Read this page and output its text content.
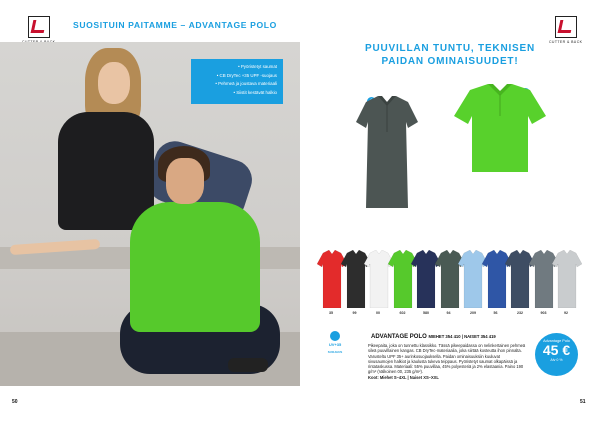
SUOSITUIN PAITAMME – ADVANTAGE POLO
• Pyöristetyt saumat
• CB DryTec +35 UPF -suojaus
• Pehmeä ja joustava materiaali
• Siistit kestävät halkio
50
CUTTER & BUCK
PUUVILLAN TUNTU, TEKNISEN
PAIDAN OMINAISUUDET!
35	99	00	602	580	94	209	56	232	903	92
UV+35
SUOJAUS
ADVANTAGE POLO MIEHET 354 410 | NAISET 354 419
Pikeepaita, joka on tunnettu klassikko. Tässä pikeepaidassa on nelinkertainen pehmeä sileä puuvillainen kangas. CB DryTec-materiaalia, joka siirtää kosteutta ihon pinnalta. Varusteltu UPF 35+ aurinkosuojauksella. Paidan ominaisuuksiin kuuluvat sivusaumojen halkiot ja kaulusta tukeva teippaus. Pyöristetyt saumat olkapäissä ja rintataskussa. Materiaali: 55% puuvillaa, 45% polyesteriä ja 2% elastaania. Paino 190 g/m² (Valkoinen 00, 235 g/m²).
Koot: Miehet S–4XL | Naiset XS–XXL
Advantage Polo
45 €
Alv 0 %
51
